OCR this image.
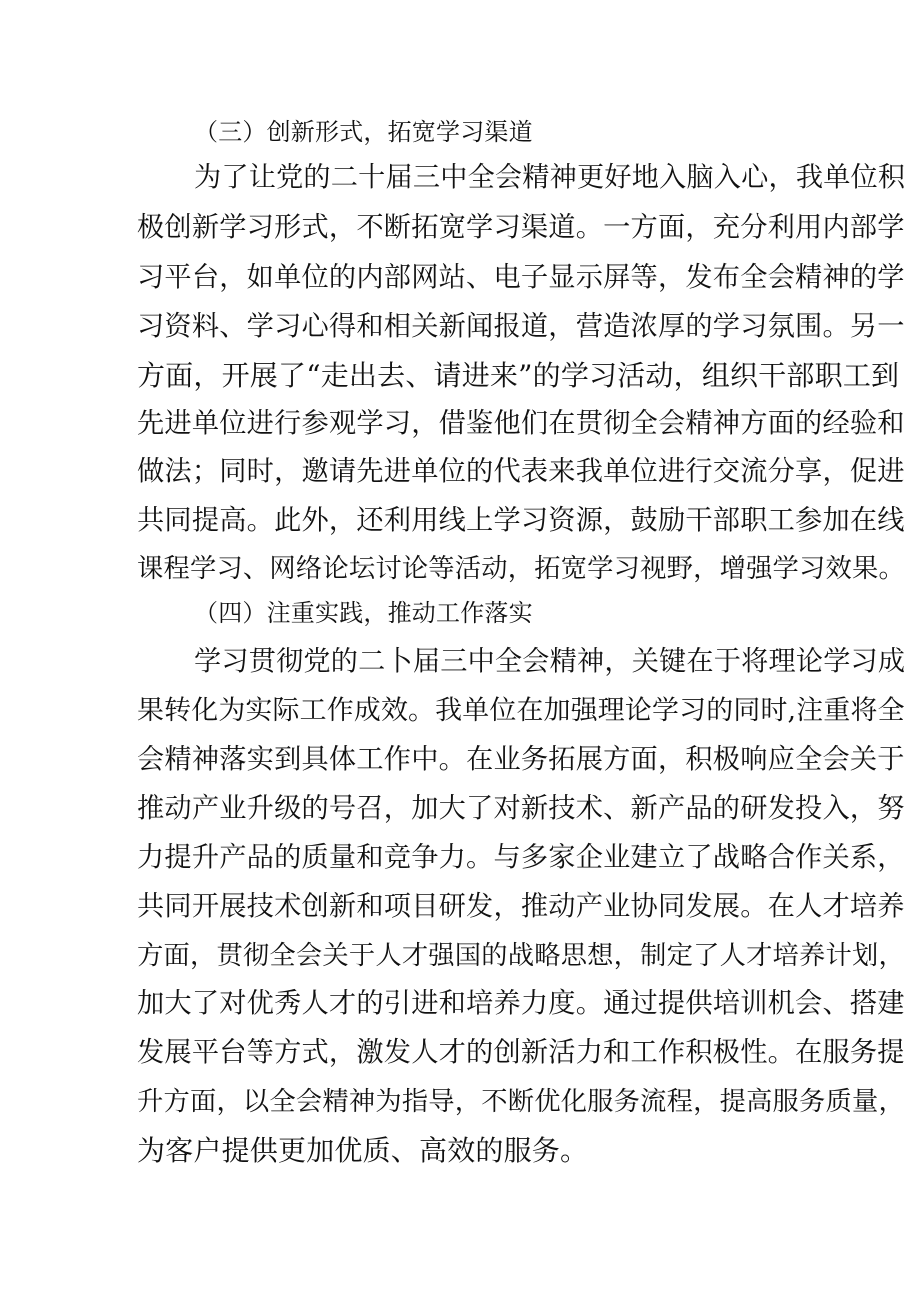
（三）创新形式，拓宽学习渠道
为了让党的二十届三中全会精神更好地入脑入心，我单位积
极创新学习形式，不断拓宽学习渠道。一方面，充分利用内部学
习平台，如单位的内部网站、电子显示屏等，发布全会精神的学
习资料、学习心得和相关新闻报道，营造浓厚的学习氛围。另一
方面，开展了“走出去、请进来”的学习活动，组织干部职工到
先进单位进行参观学习，借鉴他们在贯彻全会精神方面的经验和
做法；同时，邀请先进单位的代表来我单位进行交流分享，促进
共同提高。此外，还利用线上学习资源，鼓励干部职工参加在线
课程学习、网络论坛讨论等活动，拓宽学习视野，增强学习效果。
（四）注重实践，推动工作落实
学习贯彻党的二卜届三中全会精神，关键在于将理论学习成
果转化为实际工作成效。我单位在加强理论学习的同时,注重将全
会精神落实到具体工作中。在业务拓展方面，积极响应全会关于
推动产业升级的号召，加大了对新技术、新产品的研发投入，努
力提升产品的质量和竞争力。与多家企业建立了战略合作关系，
共同开展技术创新和项目研发，推动产业协同发展。在人才培养
方面，贯彻全会关于人才强国的战略思想，制定了人才培养计划，
加大了对优秀人才的引进和培养力度。通过提供培训机会、搭建
发展平台等方式，激发人才的创新活力和工作积极性。在服务提
升方面，以全会精神为指导，不断优化服务流程，提高服务质量，
为客户提供更加优质、高效的服务。
